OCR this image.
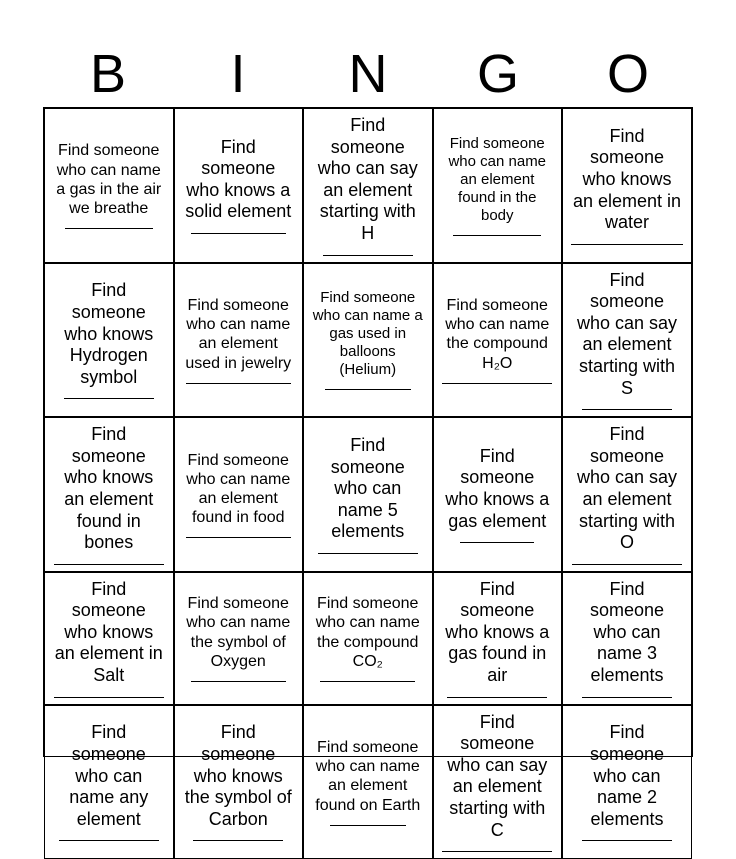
B	I	N	G	O
Find someone who can name a gas in the air we breathe
Find someone who knows a solid element
Find someone who can say an element starting with H
Find someone who can name an element found in the body
Find someone who knows an element in water
Find someone who knows Hydrogen symbol
Find someone who can name an element used in jewelry
Find someone who can name a gas used in balloons (Helium)
Find someone who can name the compound H₂O
Find someone who can say an element starting with S
Find someone who knows an element found in bones
Find someone who can name an element found in food
Find someone who can name 5 elements
Find someone who knows a gas element
Find someone who can say an element starting with O
Find someone who knows an element in Salt
Find someone who can name the symbol of Oxygen
Find someone who can name the compound CO₂
Find someone who knows a gas found in air
Find someone who can name 3 elements
Find someone who can name any element
Find someone who knows the symbol of Carbon
Find someone who can name an element found on Earth
Find someone who can say an element starting with C
Find someone who can name 2 elements
